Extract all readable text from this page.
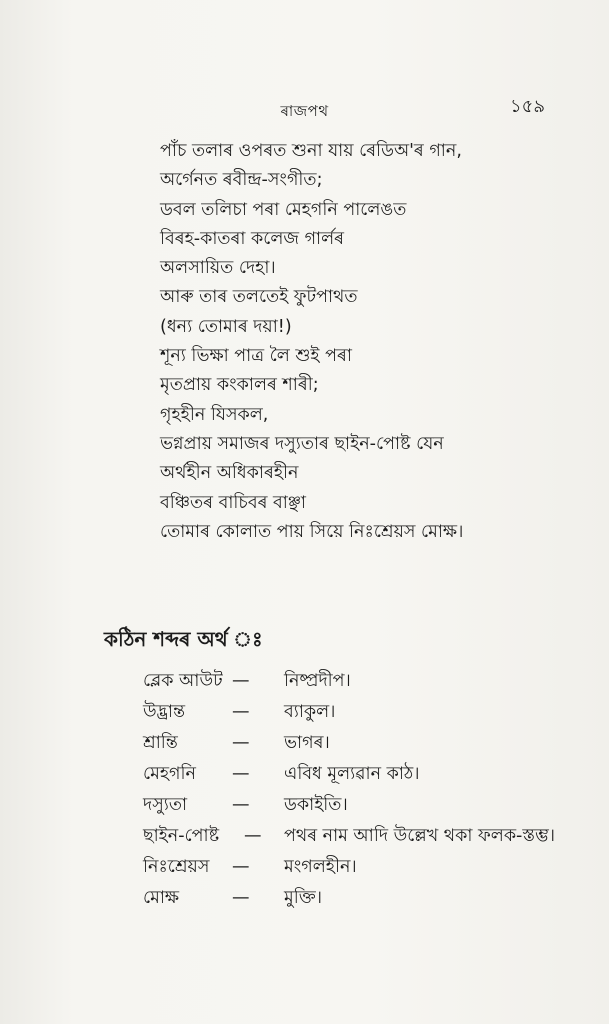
ৰাজপথ	১৫৯
পাঁচ তলাৰ ওপৰত শুনা যায় ৰেডিঅ'ৰ গান,
অৰ্গেনত ৰবীন্দ্ৰ-সংগীত;
ডবল তলিচা পৰা মেহগনি পালেঙত
বিৰহ-কাতৰা কলেজ গাৰ্লৰ
অলসায়িত দেহা।
আৰু তাৰ তলতেই ফুটপাথত
(ধন্য তোমাৰ দয়া!)
শূন্য ভিক্ষা পাত্ৰ লৈ শুই পৰা
মৃতপ্ৰায় কংকালৰ শাৰী;
গৃহহীন যিসকল,
ভগ্নপ্ৰায় সমাজৰ দস্যুতাৰ ছাইন-পোষ্ট যেন
অৰ্থহীন অধিকাৰহীন
বঞ্চিতৰ বাচিবৰ বাঞ্ছা
তোমাৰ কোলাত পায় সিয়ে নিঃশ্ৰেয়স মোক্ষ।
কঠিন শব্দৰ অৰ্থ ঃ
ব্লেক আউট — নিষ্প্ৰদীপ।
উদ্ভ্ৰান্ত	— ব্যাকুল।
শ্ৰান্তি	— ভাগৰ।
মেহগনি — এবিধ মূল্যৱান কাঠ।
দস্যুতা	— ডকাইতি।
ছাইন-পোষ্ট — পথৰ নাম আদি উল্লেখ থকা ফলক-স্তম্ভ।
নিঃশ্ৰেয়স — মংগলহীন।
মোক্ষ	— মুক্তি।
